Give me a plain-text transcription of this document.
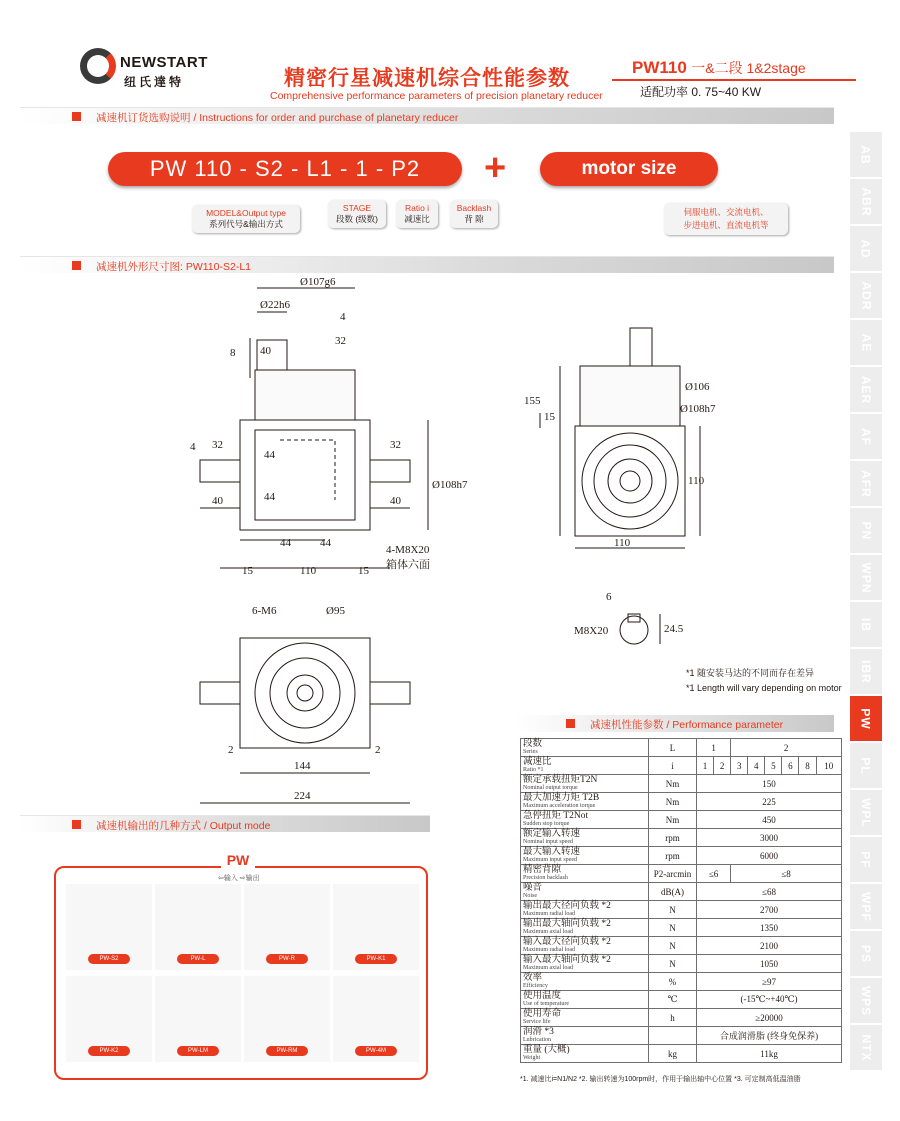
NEWSTART
纽氏達特	精密行星减速机综合性能参数
Comprehensive performance parameters of precision planetary reducer
PW110 一&二段 1&2stage
适配功率 0. 75~40 KW
减速机订货选购说明 / Instructions for order and purchase of planetary reducer
PW 110 - S2 - L1 - 1 - P2	+	motor size
MODEL&Output type
系列代号&输出方式
STAGE
段数 (级数)
Ratio i
减速比
Backlash
背 隙
伺服电机、交流电机、
步进电机、直流电机等
减速机外形尺寸图: PW110-S2-L1
Ø107g6
Ø22h6
8 40
32
4
32	32
40	40
4
44
44
44	44
110
15	15
Ø108h7
4-M8X20
箱体六面
155
15
Ø106
Ø108h7
110
110
6-M6	Ø95
2	2
144
224
6
M8X20	24.5
*1 随安装马达的不同而存在差异
*1 Length will vary depending on motor
减速机输出的几种方式 / Output mode
PW
⇦输入 ⇨输出
PW-S2	PW-L	PW-R	PW-K1
PW-K2	PW-LM	PW-RM	PW-4M
减速机性能参数 / Performance parameter
段数
Series	L	1		2					
减速比
Ratio *1	i	1	2	3	4	5	6	8	10
额定承载扭矩T2N
Nominal output torque	Nm	150							
最大加速力矩 T2B
Maximum acceleration torque	Nm	225							
急停扭矩 T2Not
Sudden stop torque	Nm	450							
额定输入转速
Nominal input speed	rpm	3000							
最大输入转速
Maximum input speed	rpm	6000							
精密背隙
Precision backlash	P2-arcmin	≤6		≤8					
噪音
Noise	dB(A)	≤68							
输出最大径向负载 *2
Maximum radial load	N	2700							
输出最大轴向负载 *2
Maximum axial load	N	1350							
输入最大径向负载 *2
Maximum radial load	N	2100							
输入最大轴向负载 *2
Maximum axial load	N	1050							
效率
Efficiency	%	≥97							
使用温度
Use of temperature	℃	(-15℃~+40℃)							
使用寿命
Service life	h	≥20000							
润滑 *3
Lubrication		合成润滑脂 (终身免保养)							
重量 (大概)
Weight	kg	11kg							
*1. 减速比i=N1/N2 *2. 输出转速为100rpm时，作用于输出轴中心位置 *3. 可定制高低温油脂
AB
ABR
AD
ADR
AE
AER
AF
AFR
PN
WPN
IB
IBR
PW
PL
WPL
PF
WPF
PS
WPS
NTX
